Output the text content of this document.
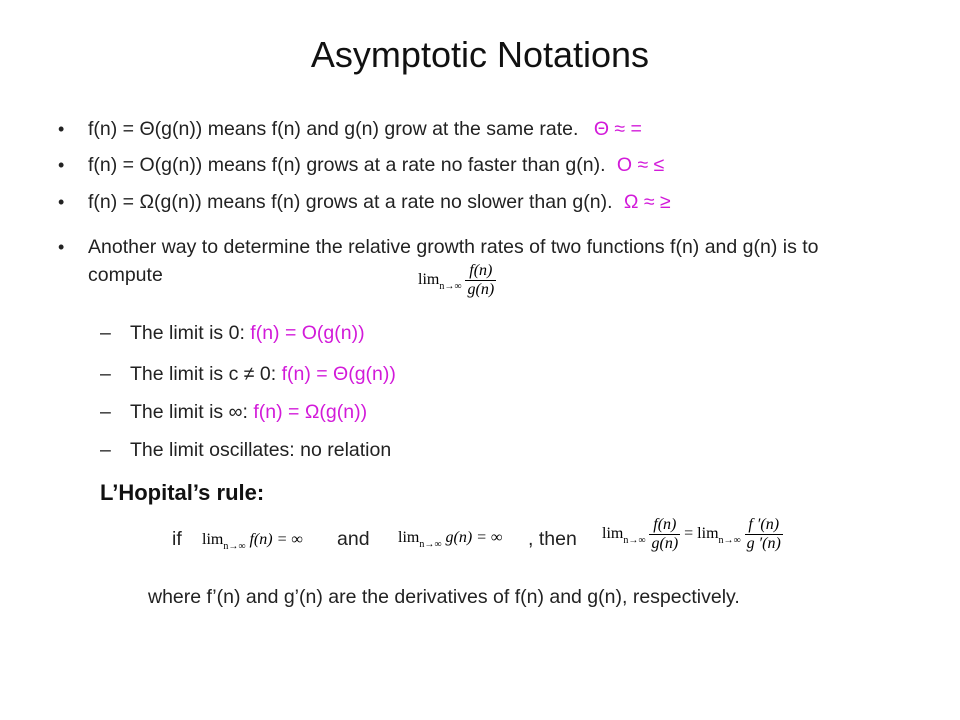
Asymptotic Notations
•	f(n) = Θ(g(n)) means f(n) and g(n) grow at the same rate. Θ ≈ =
•	f(n) = O(g(n)) means f(n) grows at a rate no faster than g(n). O ≈ ≤
•	f(n) = Ω(g(n)) means f(n) grows at a rate no slower than g(n). Ω ≈ ≥
•	Another way to determine the relative growth rates of two functions f(n) and g(n) is to compute	$\lim_{n\to\infty} \frac{f(n)}{g(n)}$
– The limit is 0: f(n) = O(g(n))
– The limit is c ≠ 0: f(n) = Θ(g(n))
– The limit is ∞: f(n) = Ω(g(n))
– The limit oscillates: no relation
L’Hopital’s rule:
if $\lim_{n\to\infty} f(n)$ = ∞ and $\lim_{n\to\infty} g(n)$ = ∞ , then $\lim_{n\to\infty} \frac{f(n)}{g(n)} = \lim_{n\to\infty} \frac{f '(n)}{g '(n)}$
where f’(n) and g’(n) are the derivatives of f(n) and g(n), respectively.
